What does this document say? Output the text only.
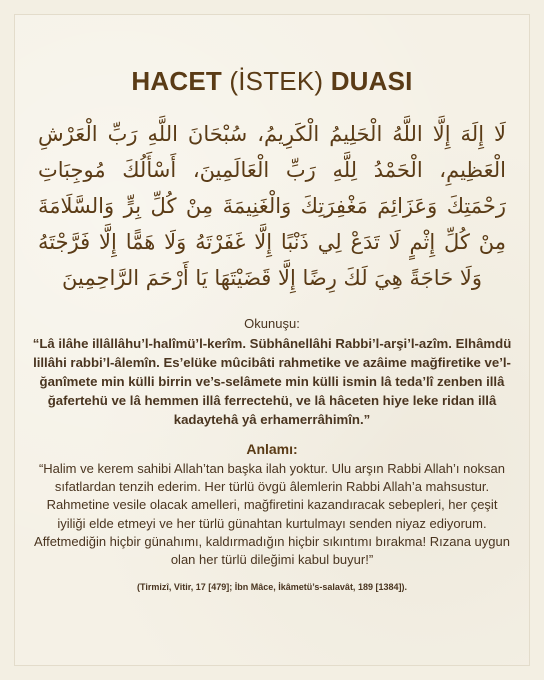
HACET (İSTEK) DUASI
لَا إِلَهَ إِلَّا اللَّهُ الْحَلِيمُ الْكَرِيمُ، سُبْحَانَ اللَّهِ رَبِّ الْعَرْشِ الْعَظِيمِ، الْحَمْدُ لِلَّهِ رَبِّ الْعَالَمِينَ، أَسْأَلُكَ مُوجِبَاتِ رَحْمَتِكَ وَعَزَائِمَ مَغْفِرَتِكَ وَالْغَنِيمَةَ مِنْ كُلِّ بِرٍّ وَالسَّلَامَةَ مِنْ كُلِّ إِثْمٍ لَا تَدَعْ لِي ذَنْبًا إِلَّا غَفَرْتَهُ وَلَا هَمًّا إِلَّا فَرَّجْتَهُ وَلَا حَاجَةً هِيَ لَكَ رِضًا إِلَّا قَضَيْتَهَا يَا أَرْحَمَ الرَّاحِمِينَ
Okunuşu:
“Lâ ilâhe illâllâhu’l-halîmü’l-kerîm. Sübhânellâhi Rabbi’l-arşi’l-azîm. Elhâmdü lillâhi rabbi’l-âlemîn. Es’elüke mûcibâti rahmetike ve azâime mağfiretike ve’l-ğanîmete min külli birrin ve’s-selâmete min külli ismin lâ teda’lî zenben illâ ğafertehü ve lâ hemmen illâ ferrectehü, ve lâ hâceten hiye leke ridan illâ kadaytehâ yâ erhamerrâhimîn.”
Anlamı:
“Halim ve kerem sahibi Allah’tan başka ilah yoktur. Ulu arşın Rabbi Allah’ı noksan sıfatlardan tenzih ederim. Her türlü övgü âlemlerin Rabbi Allah’a mahsustur. Rahmetine vesile olacak amelleri, mağfiretini kazandıracak sebepleri, her çeşit iyiliği elde etmeyi ve her türlü günahtan kurtulmayı senden niyaz ediyorum. Affetmediğin hiçbir günahımı, kaldırmadığın hiçbir sıkıntımı bırakma! Rızana uygun olan her türlü dileğimi kabul buyur!”
(Tirmizî, Vitir, 17 [479]; İbn Mâce, İkâmetü’s-salavât, 189 [1384]).
